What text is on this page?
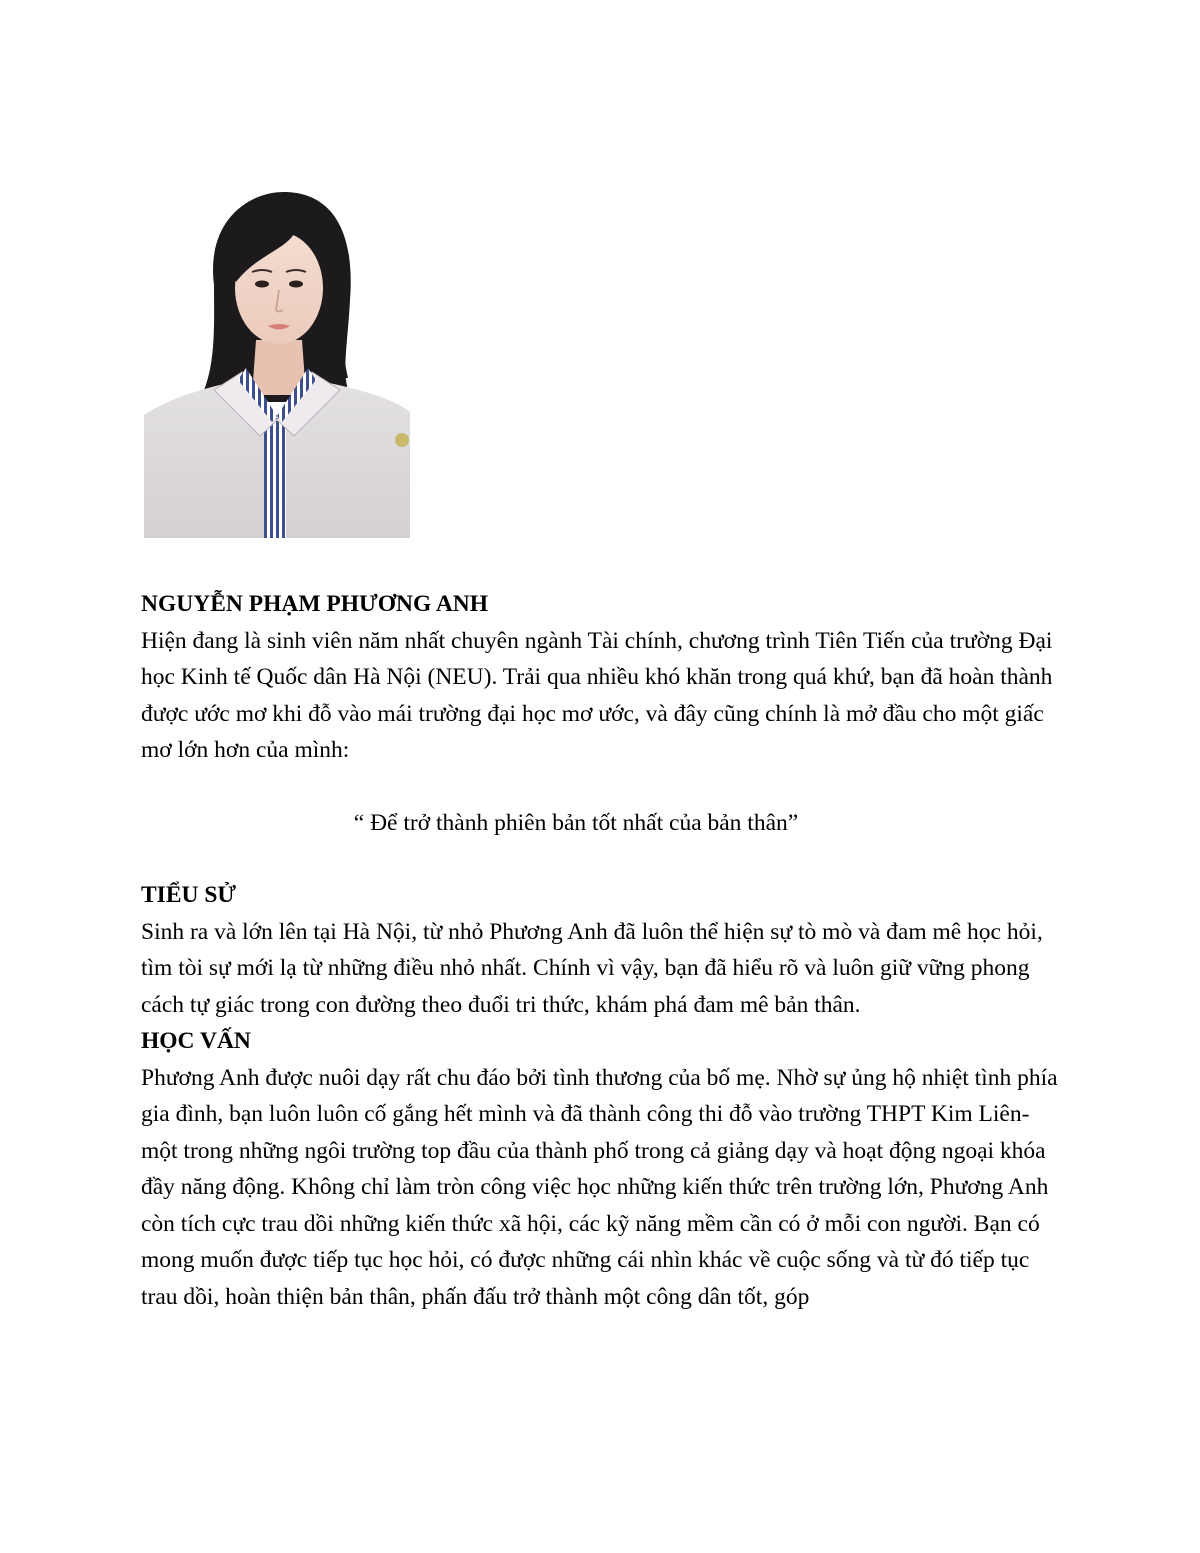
NGUYỄN PHẠM PHƯƠNG ANH

Hiện đang là sinh viên năm nhất chuyên ngành Tài chính, chương trình Tiên Tiến của trường Đại học Kinh tế Quốc dân Hà Nội (NEU). Trải qua nhiều khó khăn trong quá khứ, bạn đã hoàn thành được ước mơ khi đỗ vào mái trường đại học mơ ước, và đây cũng chính là mở đầu cho một giấc mơ lớn hơn của mình:

“ Để trở thành phiên bản tốt nhất của bản thân”

TIỂU SỬ

Sinh ra và lớn lên tại Hà Nội, từ nhỏ Phương Anh đã luôn thể hiện sự tò mò và đam mê học hỏi, tìm tòi sự mới lạ từ những điều nhỏ nhất. Chính vì vậy, bạn đã hiểu rõ và luôn giữ vững phong cách tự giác trong con đường theo đuổi tri thức, khám phá đam mê bản thân.

HỌC VẤN

Phương Anh được nuôi dạy rất chu đáo bởi tình thương của bố mẹ. Nhờ sự ủng hộ nhiệt tình phía gia đình, bạn luôn luôn cố gắng hết mình và đã thành công thi đỗ vào trường THPT Kim Liên- một trong những ngôi trường top đầu của thành phố trong cả giảng dạy và hoạt động ngoại khóa đầy năng động. Không chỉ làm tròn công việc học những kiến thức trên trường lớn, Phương Anh còn tích cực trau dồi những kiến thức xã hội, các kỹ năng mềm cần có ở mỗi con người. Bạn có mong muốn được tiếp tục học hỏi, có được những cái nhìn khác về cuộc sống và từ đó tiếp tục trau dồi, hoàn thiện bản thân, phấn đấu trở thành một công dân tốt, góp
